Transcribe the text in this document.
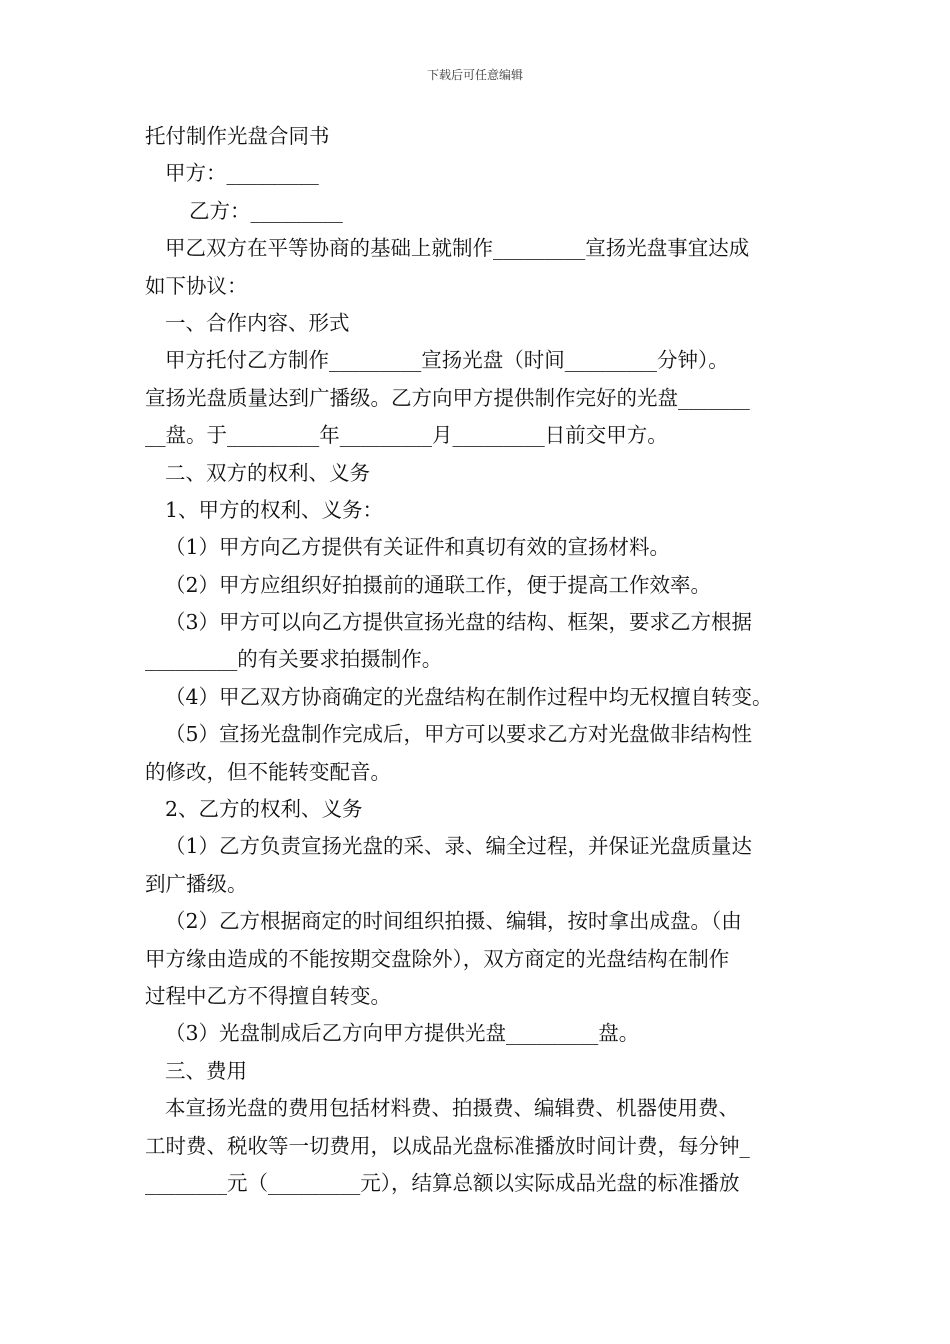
下载后可任意编辑
托付制作光盘合同书
甲方：_________
乙方：_________
甲乙双方在平等协商的基础上就制作_________宣扬光盘事宜达成
如下协议：
一、合作内容、形式
甲方托付乙方制作_________宣扬光盘（时间_________分钟）。
宣扬光盘质量达到广播级。乙方向甲方提供制作完好的光盘_______
__盘。于_________年_________月_________日前交甲方。
二、双方的权利、义务
1、甲方的权利、义务：
（1）甲方向乙方提供有关证件和真切有效的宣扬材料。
（2）甲方应组织好拍摄前的通联工作，便于提高工作效率。
（3）甲方可以向乙方提供宣扬光盘的结构、框架，要求乙方根据
_________的有关要求拍摄制作。
（4）甲乙双方协商确定的光盘结构在制作过程中均无权擅自转变。
（5）宣扬光盘制作完成后，甲方可以要求乙方对光盘做非结构性
的修改，但不能转变配音。
2、乙方的权利、义务
（1）乙方负责宣扬光盘的采、录、编全过程，并保证光盘质量达
到广播级。
（2）乙方根据商定的时间组织拍摄、编辑，按时拿出成盘。（由
甲方缘由造成的不能按期交盘除外），双方商定的光盘结构在制作
过程中乙方不得擅自转变。
（3）光盘制成后乙方向甲方提供光盘_________盘。
三、费用
本宣扬光盘的费用包括材料费、拍摄费、编辑费、机器使用费、
工时费、税收等一切费用，以成品光盘标准播放时间计费，每分钟_
________元（_________元），结算总额以实际成品光盘的标准播放
